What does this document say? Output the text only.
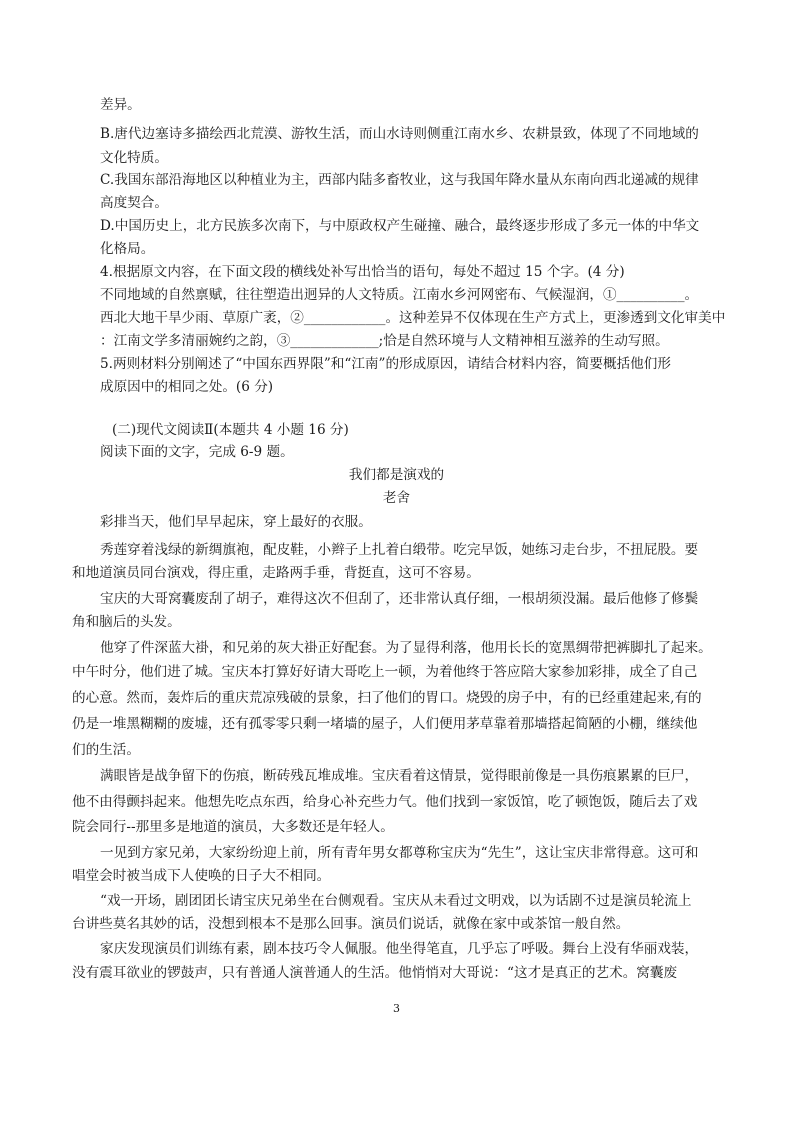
差异。
B.唐代边塞诗多描绘西北荒漠、游牧生活，而山水诗则侧重江南水乡、农耕景致，体现了不同地域的
文化特质。
C.我国东部沿海地区以种植业为主，西部内陆多畜牧业，这与我国年降水量从东南向西北递减的规律
高度契合。
D.中国历史上，北方民族多次南下，与中原政权产生碰撞、融合，最终逐步形成了多元一体的中华文
化格局。
4.根据原文内容，在下面文段的横线处补写出恰当的语句，每处不超过 15 个字。(4 分)
不同地域的自然禀赋，往往塑造出迥异的人文特质。江南水乡河网密布、气候湿润，①__________。
西北大地干旱少雨、草原广袤，②____________。这种差异不仅体现在生产方式上，更渗透到文化审美中
：江南文学多清丽婉约之韵，③_____________;恰是自然环境与人文精神相互滋养的生动写照。
5.两则材料分别阐述了“中国东西界限”和“江南”的形成原因，请结合材料内容，简要概括他们形
成原因中的相同之处。(6 分)
(二)现代文阅读Ⅱ(本题共 4 小题 16 分)
阅读下面的文字，完成 6-9 题。
我们都是演戏的
老舍
彩排当天，他们早早起床，穿上最好的衣服。
秀莲穿着浅绿的新绸旗袍，配皮鞋，小辫子上扎着白缎带。吃完早饭，她练习走台步，不扭屁股。要
和地道演员同台演戏，得庄重，走路两手垂，背挺直，这可不容易。
宝庆的大哥窝囊废刮了胡子，难得这次不但刮了，还非常认真仔细，一根胡须没漏。最后他修了修鬓
角和脑后的头发。
他穿了件深蓝大褂，和兄弟的灰大褂正好配套。为了显得利落，他用长长的宽黑绸带把裤脚扎了起来。
中午时分，他们进了城。宝庆本打算好好请大哥吃上一顿，为着他终于答应陪大家参加彩排，成全了自己
的心意。然而，轰炸后的重庆荒凉残破的景象，扫了他们的胃口。烧毁的房子中，有的已经重建起来,有的
仍是一堆黑糊糊的废墟，还有孤零零只剩一堵墙的屋子，人们便用茅草靠着那墙搭起简陋的小棚，继续他
们的生活。
满眼皆是战争留下的伤痕，断砖残瓦堆成堆。宝庆看着这情景，觉得眼前像是一具伤痕累累的巨尸，
他不由得颤抖起来。他想先吃点东西，给身心补充些力气。他们找到一家饭馆，吃了顿饱饭，随后去了戏
院会同行--那里多是地道的演员，大多数还是年轻人。
一见到方家兄弟，大家纷纷迎上前，所有青年男女都尊称宝庆为“先生”，这让宝庆非常得意。这可和
唱堂会时被当成下人使唤的日子大不相同。
“戏一开场，剧团团长请宝庆兄弟坐在台侧观看。宝庆从未看过文明戏，以为话剧不过是演员轮流上
台讲些莫名其妙的话，没想到根本不是那么回事。演员们说话，就像在家中或茶馆一般自然。
家庆发现演员们训练有素，剧本技巧令人佩服。他坐得笔直，几乎忘了呼吸。舞台上没有华丽戏装，
没有震耳欲业的锣鼓声，只有普通人演普通人的生活。他悄悄对大哥说：“这才是真正的艺术。窝囊废
3
